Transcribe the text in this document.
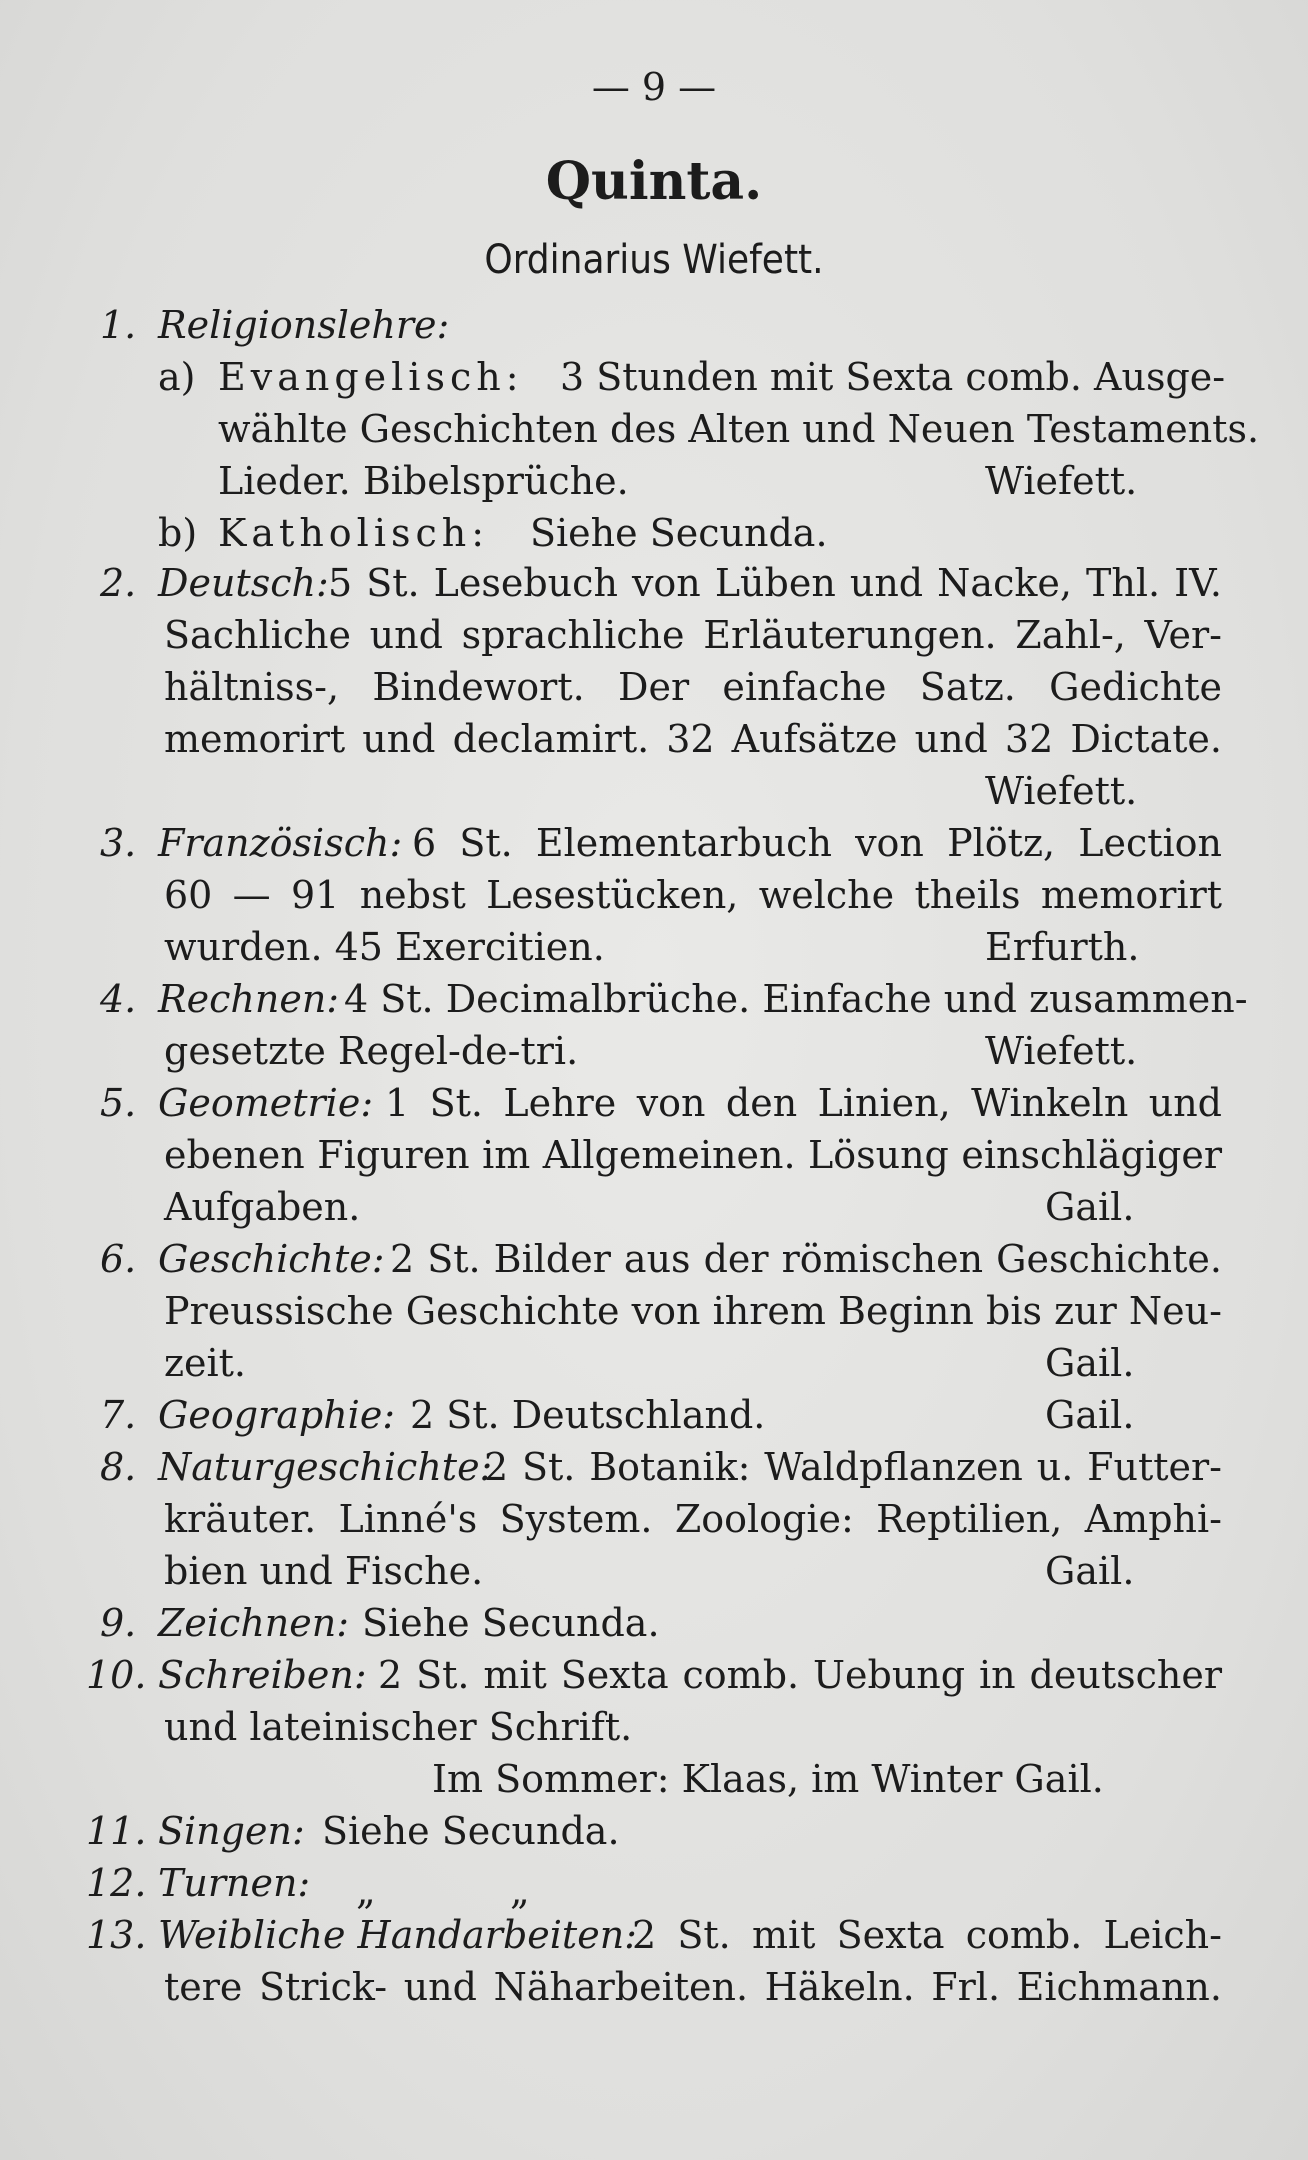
— 9 —
Quinta.
Ordinarius Wiefett.
1. Religionslehre:
a) Evangelisch: 3 Stunden mit Sexta comb. Ausge-
wählte Geschichten des Alten und Neuen Testaments.
Lieder. Bibelsprüche.	Wiefett.
b) Katholisch: Siehe Secunda.
2. Deutsch: 5 St. Lesebuch von Lüben und Nacke, Thl. IV.
Sachliche und sprachliche Erläuterungen. Zahl-, Ver-
hältniss-, Bindewort. Der einfache Satz. Gedichte
memorirt und declamirt. 32 Aufsätze und 32 Dictate.
Wiefett.
3. Französisch: 6 St. Elementarbuch von Plötz, Lection
60 — 91 nebst Lesestücken, welche theils memorirt
wurden. 45 Exercitien.	Erfurth.
4. Rechnen: 4 St. Decimalbrüche. Einfache und zusammen-
gesetzte Regel-de-tri.	Wiefett.
5. Geometrie: 1 St. Lehre von den Linien, Winkeln und
ebenen Figuren im Allgemeinen. Lösung einschlägiger
Aufgaben.	Gail.
6. Geschichte: 2 St. Bilder aus der römischen Geschichte.
Preussische Geschichte von ihrem Beginn bis zur Neu-
zeit.	Gail.
7. Geographie: 2 St. Deutschland.	Gail.
8. Naturgeschichte:
2 St. Botanik: Waldpflanzen u. Futter-
kräuter. Linné's System. Zoologie: Reptilien, Amphi-
bien und Fische.	Gail.
9. Zeichnen: Siehe Secunda.
10. Schreiben: 2 St. mit Sexta comb. Uebung in deutscher
und lateinischer Schrift.
Im Sommer: Klaas, im Winter Gail.
11. Singen: Siehe Secunda.
12. Turnen: „	„
13. Weibliche Handarbeiten:
2 St. mit Sexta comb. Leich-
tere Strick- und Näharbeiten. Häkeln. Frl. Eichmann.
